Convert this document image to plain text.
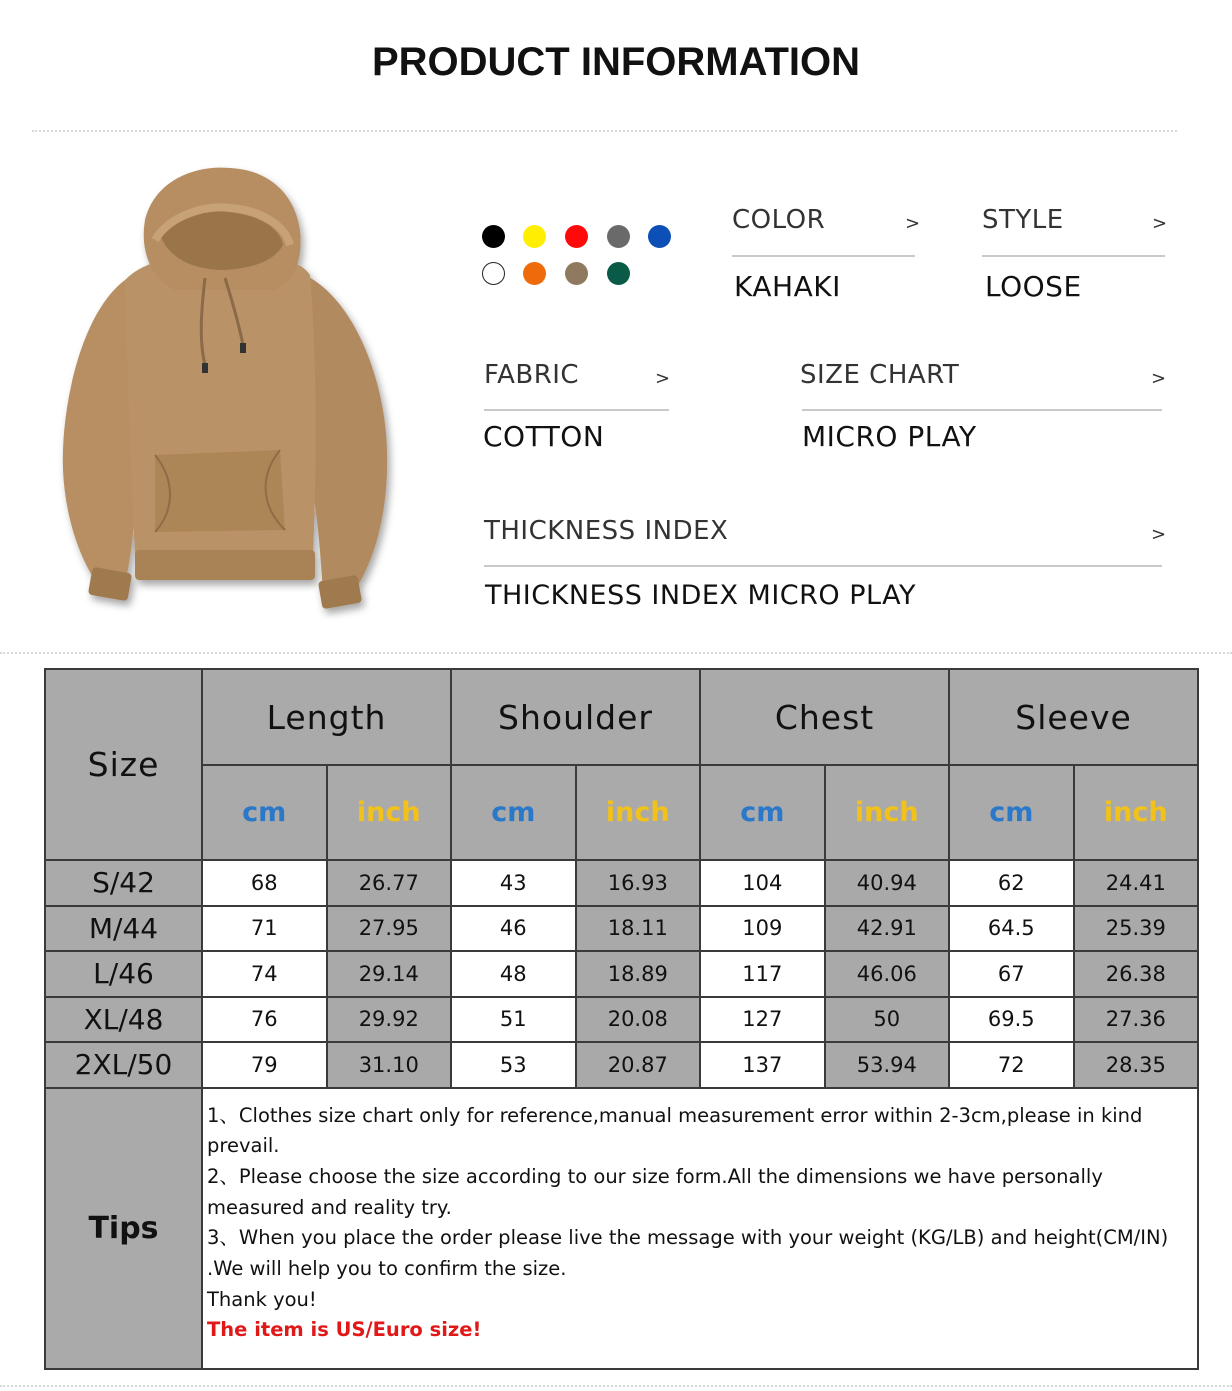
PRODUCT INFORMATION
COLOR	>
KAHAKI
STYLE	>
LOOSE
FABRIC	>
COTTON
SIZE CHART	>
MICRO PLAY
THICKNESS INDEX	>
THICKNESS INDEX MICRO PLAY
Size	Length		Shoulder		Chest		Sleeve	
	cm	inch	cm	inch	cm	inch	cm	inch
S/42	68	26.77	43	16.93	104	40.94	62	24.41
M/44	71	27.95	46	18.11	109	42.91	64.5	25.39
L/46	74	29.14	48	18.89	117	46.06	67	26.38
XL/48	76	29.92	51	20.08	127	50	69.5	27.36
2XL/50	79	31.10	53	20.87	137	53.94	72	28.35
Tips	1、Clothes size chart only for reference,manual measurement error within 2-3cm,please in kind prevail.
2、Please choose the size according to our size form.All the dimensions we have personally measured and reality try.
3、When you place the order please live the message with your weight (KG/LB) and height(CM/IN) .We will help you to confirm the size.
Thank you!
The item is US/Euro size!							
